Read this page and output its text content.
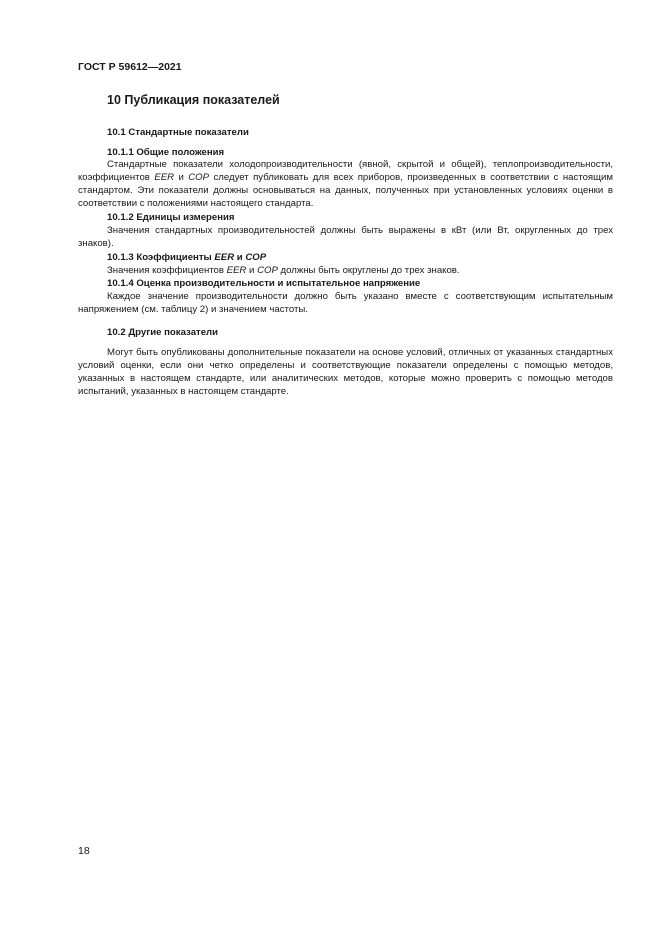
ГОСТ Р 59612—2021
10 Публикация показателей
10.1 Стандартные показатели
10.1.1 Общие положения
Стандартные показатели холодопроизводительности (явной, скрытой и общей), теплопроизводительности, коэффициентов EER и COP следует публиковать для всех приборов, произведенных в соответствии с настоящим стандартом. Эти показатели должны основываться на данных, полученных при установленных условиях оценки в соответствии с положениями настоящего стандарта.
10.1.2 Единицы измерения
Значения стандартных производительностей должны быть выражены в кВт (или Вт, округленных до трех знаков).
10.1.3 Коэффициенты EER и COP
Значения коэффициентов EER и COP должны быть округлены до трех знаков.
10.1.4 Оценка производительности и испытательное напряжение
Каждое значение производительности должно быть указано вместе с соответствующим испытательным напряжением (см. таблицу 2) и значением частоты.
10.2 Другие показатели
Могут быть опубликованы дополнительные показатели на основе условий, отличных от указанных стандартных условий оценки, если они четко определены и соответствующие показатели определены с помощью методов, указанных в настоящем стандарте, или аналитических методов, которые можно проверить с помощью методов испытаний, указанных в настоящем стандарте.
18
